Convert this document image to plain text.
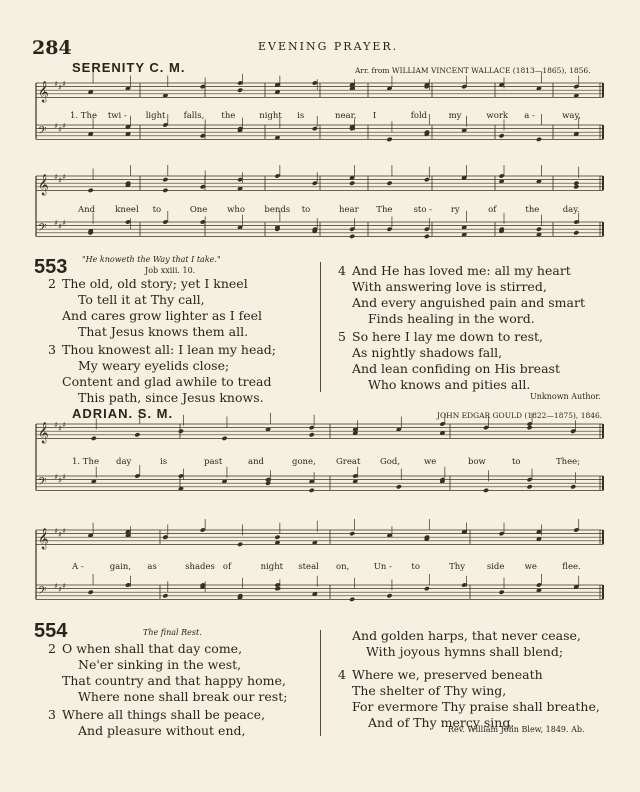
284	EVENING PRAYER.
SERENITY C. M.	Arr. from WILLIAM VINCENT WALLACE (1813—1865), 1856.
𝄞
𝄢
♯ ♯ ♯
♯ ♯ ♯
𝄞
𝄢
♯ ♯ ♯
♯ ♯ ♯
𝄞
𝄢
♯ ♯ ♯
♯ ♯ ♯
𝄞
𝄢
♯ ♯ ♯
♯ ♯ ♯
1. The twi - light falls, the	night is	near, I	fold	my	work a -	way,
And kneel to	One who bends to	hear The sto - ry	of	the	day.
1. The day	is	past	and	gone, Great God,	we	bow	to	Thee;
A -	gain, as	shades of	night steal on,	Un - to	Thy	side we	flee.
553 "He knoweth the Way that I take."
Job xxiii. 10.
2 The old, old story; yet I kneel
To tell it at Thy call,
And cares grow lighter as I feel
That Jesus knows them all.
3 Thou knowest all: I lean my head;
My weary eyelids close;
Content and glad awhile to tread
This path, since Jesus knows.
4 And He has loved me: all my heart
With answering love is stirred,
And every anguished pain and smart
Finds healing in the word.
5 So here I lay me down to rest,
As nightly shadows fall,
And lean confiding on His breast
Who knows and pities all.
Unknown Author.
ADRIAN. S. M.	JOHN EDGAR GOULD (1822—1875), 1846.
554	The final Rest.
2 O when shall that day come,
Ne'er sinking in the west,
That country and that happy home,
Where none shall break our rest;
3 Where all things shall be peace,
And pleasure without end,
And golden harps, that never cease,
With joyous hymns shall blend;
4 Where we, preserved beneath
The shelter of Thy wing,
For evermore Thy praise shall breathe,
And of Thy mercy sing.
Rev. William John Blew, 1849. Ab.
